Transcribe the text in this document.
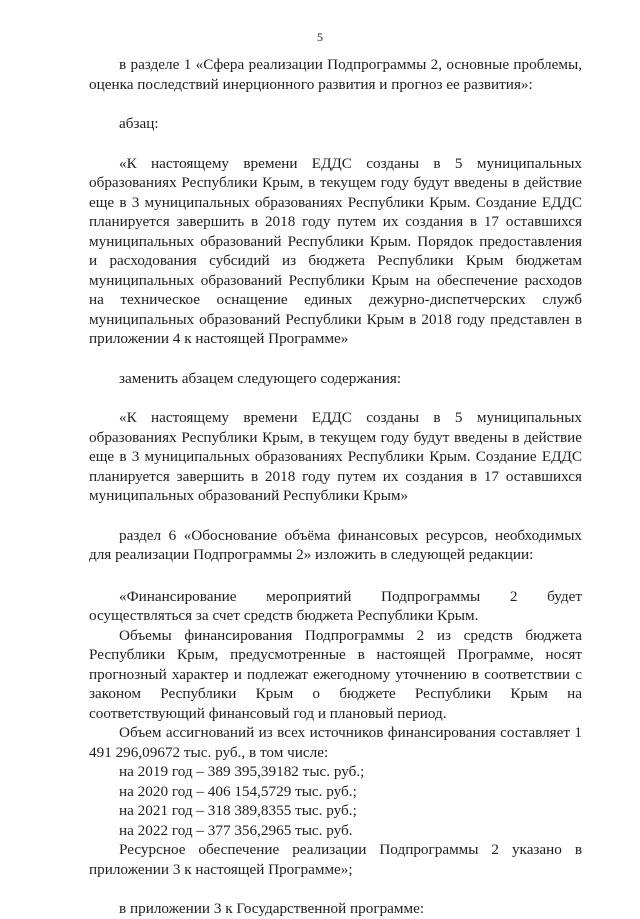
5

в разделе 1 «Сфера реализации Подпрограммы 2, основные проблемы, оценка последствий инерционного развития и прогноз ее развития»:

абзац:

«К настоящему времени ЕДДС созданы в 5 муниципальных образованиях Республики Крым, в текущем году будут введены в действие еще в 3 муниципальных образованиях Республики Крым. Создание ЕДДС планируется завершить в 2018 году путем их создания в 17 оставшихся муниципальных образований Республики Крым. Порядок предоставления и расходования субсидий из бюджета Республики Крым бюджетам муниципальных образований Республики Крым на обеспечение расходов на техническое оснащение единых дежурно-диспетчерских служб муниципальных образований Республики Крым в 2018 году представлен в приложении 4 к настоящей Программе»

заменить абзацем следующего содержания:

«К настоящему времени ЕДДС созданы в 5 муниципальных образованиях Республики Крым, в текущем году будут введены в действие еще в 3 муниципальных образованиях Республики Крым. Создание ЕДДС планируется завершить в 2018 году путем их создания в 17 оставшихся муниципальных образований Республики Крым»

раздел 6 «Обоснование объёма финансовых ресурсов, необходимых для реализации Подпрограммы 2» изложить в следующей редакции:

«Финансирование мероприятий Подпрограммы 2 будет осуществляться за счет средств бюджета Республики Крым.

Объемы финансирования Подпрограммы 2 из средств бюджета Республики Крым, предусмотренные в настоящей Программе, носят прогнозный характер и подлежат ежегодному уточнению в соответствии с законом Республики Крым о бюджете Республики Крым на соответствующий финансовый год и плановый период.

Объем ассигнований из всех источников финансирования составляет 1 491 296,09672 тыс. руб., в том числе:

на 2019 год – 389 395,39182 тыс. руб.;

на 2020 год – 406 154,5729 тыс. руб.;

на 2021 год – 318 389,8355 тыс. руб.;

на 2022 год – 377 356,2965 тыс. руб.

Ресурсное обеспечение реализации Подпрограммы 2 указано в приложении 3 к настоящей Программе»;

в приложении 3 к Государственной программе:
